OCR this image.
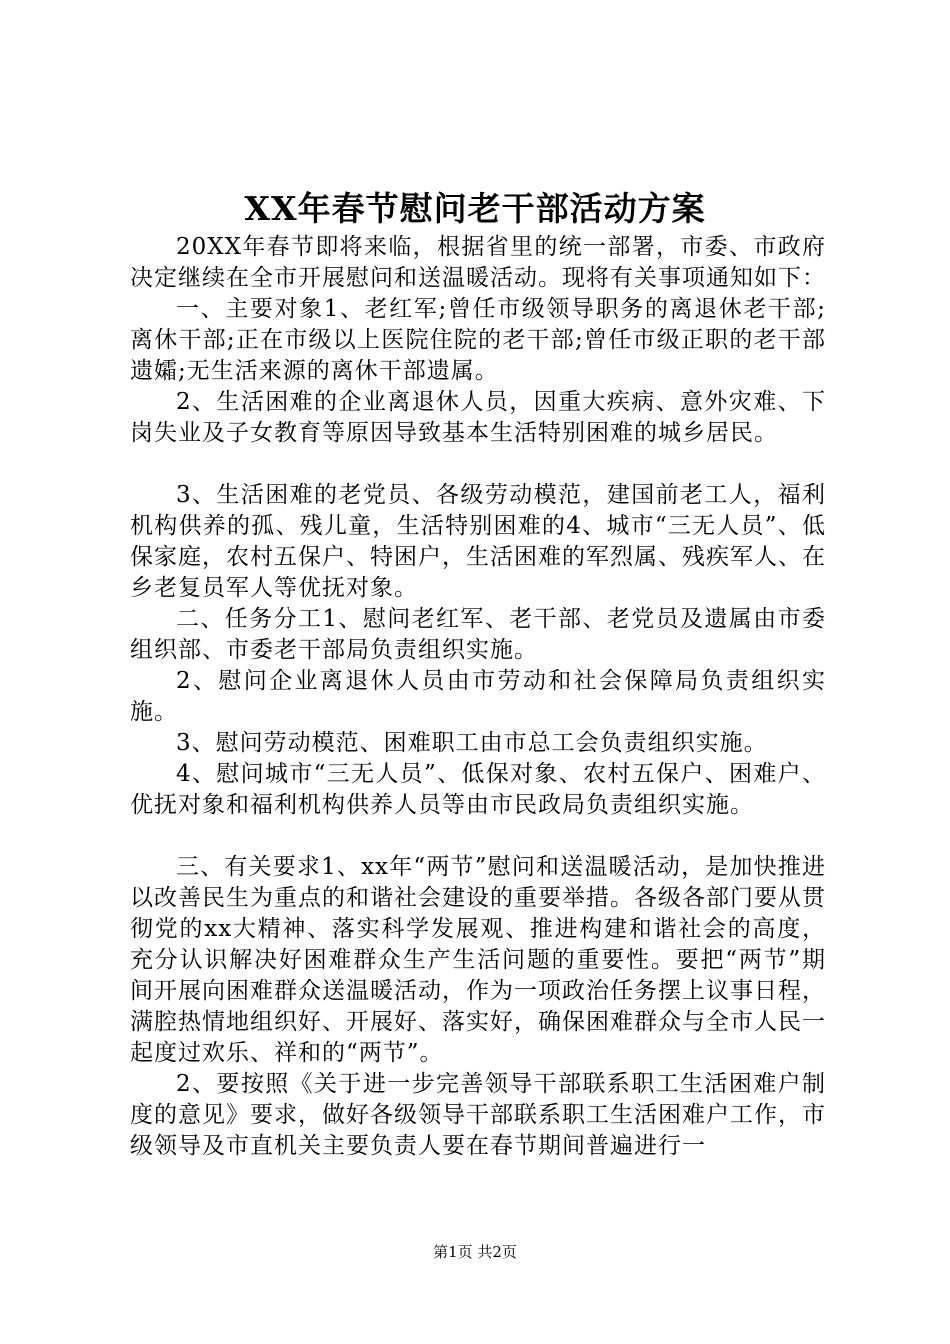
XX年春节慰问老干部活动方案

20XX年春节即将来临，根据省里的统一部署，市委、市政府决定继续在全市开展慰问和送温暖活动。现将有关事项通知如下：

一、主要对象1、老红军;曾任市级领导职务的离退休老干部;离休干部;正在市级以上医院住院的老干部;曾任市级正职的老干部遗孀;无生活来源的离休干部遗属。

2、生活困难的企业离退休人员，因重大疾病、意外灾难、下岗失业及子女教育等原因导致基本生活特别困难的城乡居民。

3、生活困难的老党员、各级劳动模范，建国前老工人，福利机构供养的孤、残儿童，生活特别困难的4、城市“三无人员”、低保家庭，农村五保户、特困户，生活困难的军烈属、残疾军人、在乡老复员军人等优抚对象。

二、任务分工1、慰问老红军、老干部、老党员及遗属由市委组织部、市委老干部局负责组织实施。

2、慰问企业离退休人员由市劳动和社会保障局负责组织实施。

3、慰问劳动模范、困难职工由市总工会负责组织实施。

4、慰问城市“三无人员”、低保对象、农村五保户、困难户、优抚对象和福利机构供养人员等由市民政局负责组织实施。

三、有关要求1、xx年“两节”慰问和送温暖活动，是加快推进以改善民生为重点的和谐社会建设的重要举措。各级各部门要从贯彻党的xx大精神、落实科学发展观、推进构建和谐社会的高度，充分认识解决好困难群众生产生活问题的重要性。要把“两节”期间开展向困难群众送温暖活动，作为一项政治任务摆上议事日程，满腔热情地组织好、开展好、落实好，确保困难群众与全市人民一起度过欢乐、祥和的“两节”。

2、要按照《关于进一步完善领导干部联系职工生活困难户制度的意见》要求，做好各级领导干部联系职工生活困难户工作，市级领导及市直机关主要负责人要在春节期间普遍进行一

第1页 共2页
